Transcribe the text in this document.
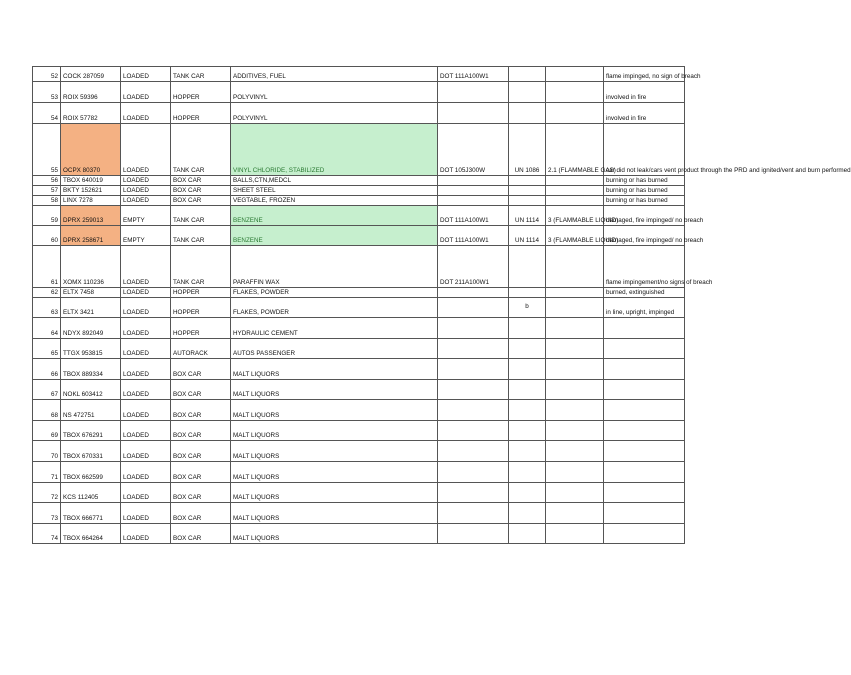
52	COCK 287059	LOADED	TANK CAR	ADDITIVES, FUEL	DOT 111A100W1			flame impinged, no sign of breach
53	ROIX 59396	LOADED	HOPPER	POLYVINYL				involved in fire
54	ROIX 57782	LOADED	HOPPER	POLYVINYL				involved in fire
55	OCPX 80370	LOADED	TANK CAR	VINYL CHLORIDE, STABILIZED	DOT 105J300W	UN 1086	2.1 (FLAMMABLE GAS)	car did not leak/cars vent product through the PRD and ignited/vent and burn performed
56	TBOX 640019	LOADED	BOX CAR	BALLS,CTN,MEDCL				burning or has burned
57	BKTY 152621	LOADED	BOX CAR	SHEET STEEL				burning or has burned
58	LINX 7278	LOADED	BOX CAR	VEGTABLE, FROZEN				burning or has burned
59	DPRX 259013	EMPTY	TANK CAR	BENZENE	DOT 111A100W1	UN 1114	3 (FLAMMABLE LIQUID)	damaged, fire impinged/ no breach
60	DPRX 258671	EMPTY	TANK CAR	BENZENE	DOT 111A100W1	UN 1114	3 (FLAMMABLE LIQUID)	damaged, fire impinged/ no breach
61	XOMX 110236	LOADED	TANK CAR	PARAFFIN WAX	DOT 211A100W1			flame impingement/no signs of breach
62	ELTX 7458	LOADED	HOPPER	FLAKES, POWDER				burned, extinguished
63	ELTX 3421	LOADED	HOPPER	FLAKES, POWDER		b		in line, upright, impinged
64	NDYX 892049	LOADED	HOPPER	HYDRAULIC CEMENT				
65	TTGX 953815	LOADED	AUTORACK	AUTOS PASSENGER				
66	TBOX 889334	LOADED	BOX CAR	MALT LIQUORS				
67	NOKL 603412	LOADED	BOX CAR	MALT LIQUORS				
68	NS 472751	LOADED	BOX CAR	MALT LIQUORS				
69	TBOX 676291	LOADED	BOX CAR	MALT LIQUORS				
70	TBOX 670331	LOADED	BOX CAR	MALT LIQUORS				
71	TBOX 662599	LOADED	BOX CAR	MALT LIQUORS				
72	KCS 112405	LOADED	BOX CAR	MALT LIQUORS				
73	TBOX 666771	LOADED	BOX CAR	MALT LIQUORS				
74	TBOX 664264	LOADED	BOX CAR	MALT LIQUORS				
